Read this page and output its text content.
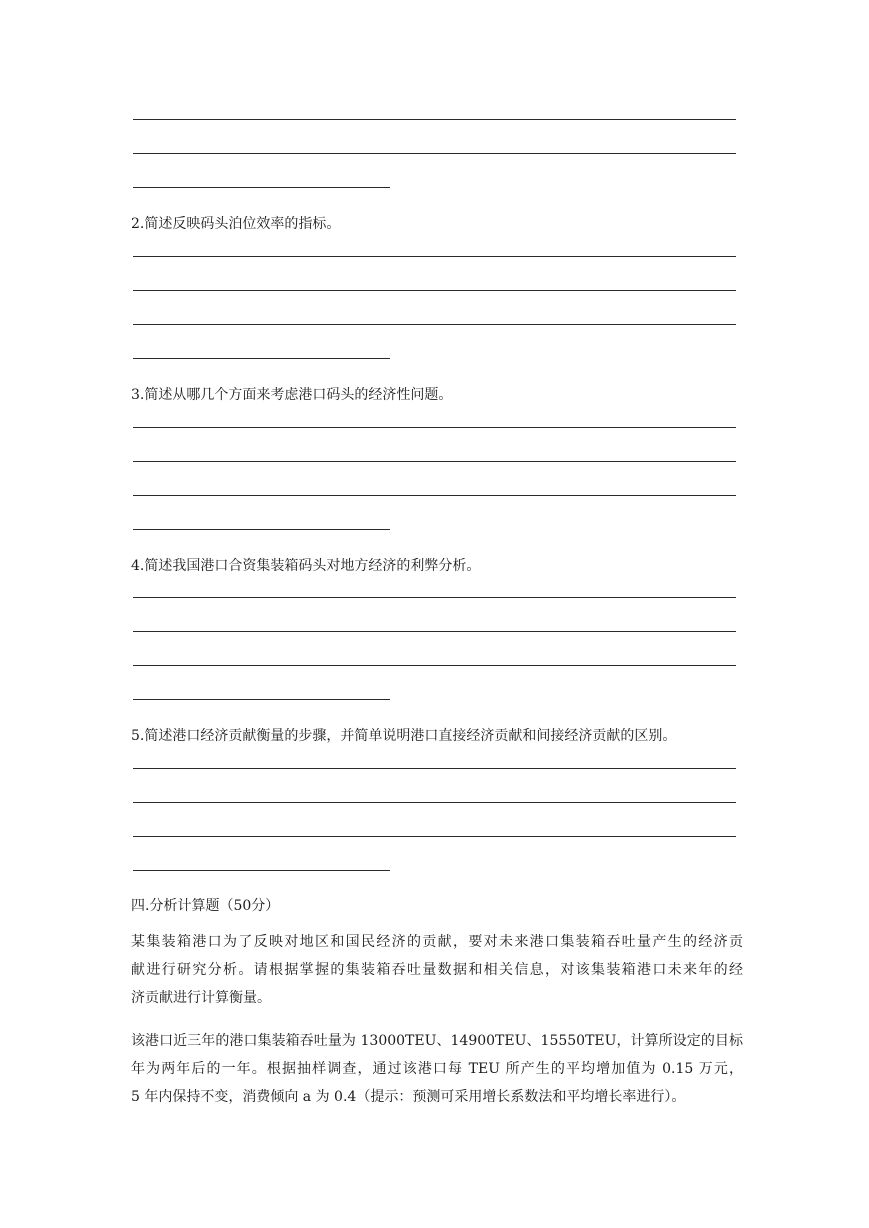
2.简述反映码头泊位效率的指标。
3.简述从哪几个方面来考虑港口码头的经济性问题。
4.简述我国港口合资集装箱码头对地方经济的利弊分析。
5.简述港口经济贡献衡量的步骤，并简单说明港口直接经济贡献和间接经济贡献的区别。
四.分析计算题（50分）
某集装箱港口为了反映对地区和国民经济的贡献，要对未来港口集装箱吞吐量产生的经济贡
献进行研究分析。请根据掌握的集装箱吞吐量数据和相关信息，对该集装箱港口未来年的经
济贡献进行计算衡量。
该港口近三年的港口集装箱吞吐量为 13000TEU、14900TEU、15550TEU，计算所设定的目标
年为两年后的一年。根据抽样调查，通过该港口每 TEU 所产生的平均增加值为 0.15 万元，
5 年内保持不变，消费倾向 a 为 0.4（提示：预测可采用增长系数法和平均增长率进行）。
